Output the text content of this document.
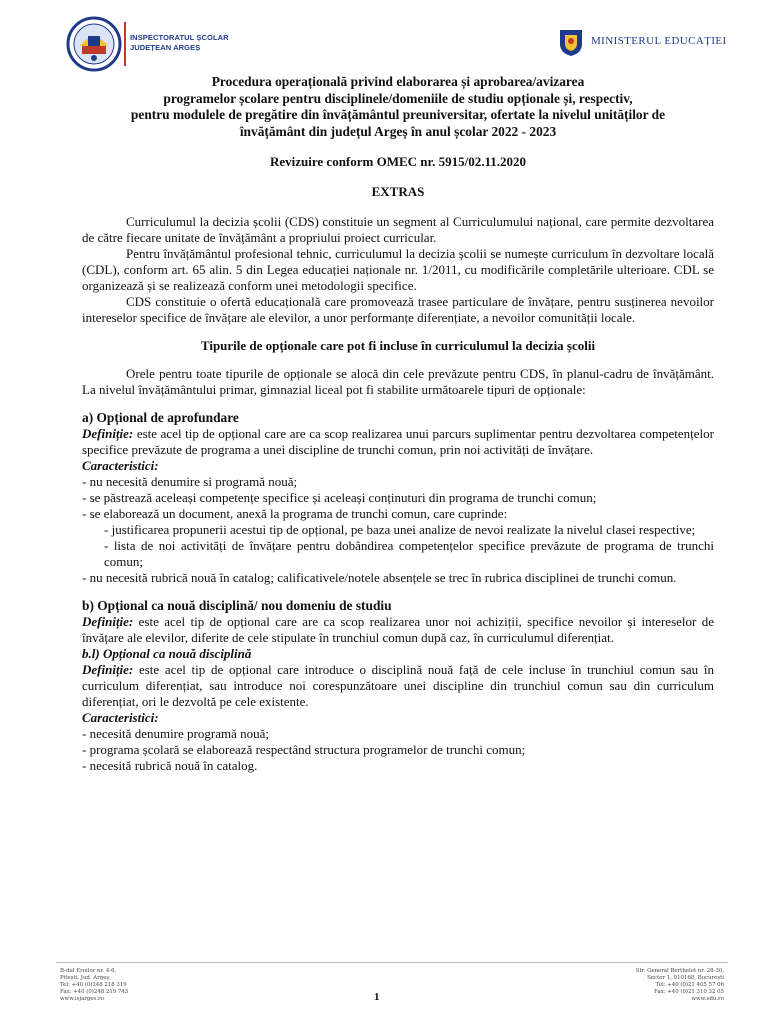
INSPECTORATUL ȘCOLAR
JUDEȚEAN ARGEȘ
MINISTERUL EDUCAȚIEI
Procedura operațională privind elaborarea și aprobarea/avizarea
programelor școlare pentru disciplinele/domeniile de studiu opționale și, respectiv,
pentru modulele de pregătire din învățământul preuniversitar, ofertate la nivelul unităților de
învățământ din județul Argeș în anul școlar 2022 - 2023
Revizuire conform OMEC nr. 5915/02.11.2020
EXTRAS

Curriculumul la decizia școlii (CDS) constituie un segment al Curriculumului național, care permite dezvoltarea de către fiecare unitate de învățământ a propriului proiect curricular.

Pentru învățământul profesional tehnic, curriculumul la decizia școlii se numește curriculum în dezvoltare locală (CDL), conform art. 65 alin. 5 din Legea educației naționale nr. 1/2011, cu modificările completările ulterioare. CDL se organizează și se realizează conform unei metodologii specifice.

CDS constituie o ofertă educațională care promovează trasee particulare de învățare, pentru susținerea nevoilor intereselor specifice de învățare ale elevilor, a unor performanțe diferențiate, a nevoilor comunității locale.

Tipurile de opționale care pot fi incluse în curriculumul la decizia școlii

Orele pentru toate tipurile de opționale se alocă din cele prevăzute pentru CDS, în planul-cadru de învățământ. La nivelul învățământului primar, gimnazial liceal pot fi stabilite următoarele tipuri de opționale:

a) Opțional de aprofundare

Definiție: este acel tip de opțional care are ca scop realizarea unui parcurs suplimentar pentru dezvoltarea competențelor specifice prevăzute de programa a unei discipline de trunchi comun, prin noi activități de învățare.

Caracteristici:

- nu necesită denumire si programă nouă;

- se păstrează aceleași competențe specifice și aceleași conținuturi din programa de trunchi comun;

- se elaborează un document, anexă la programa de trunchi comun, care cuprinde:

- justificarea propunerii acestui tip de opțional, pe baza unei analize de nevoi realizate la nivelul clasei respective;

- lista de noi activități de învățare pentru dobândirea competențelor specifice prevăzute de programa de trunchi comun;

- nu necesită rubrică nouă în catalog; calificativele/notele absențele se trec în rubrica disciplinei de trunchi comun.

b) Opțional ca nouă disciplină/ nou domeniu de studiu

Definiție: este acel tip de opțional care are ca scop realizarea unor noi achiziții, specifice nevoilor și intereselor de învățare ale elevilor, diferite de cele stipulate în trunchiul comun după caz, în curriculumul diferențiat.

b.l) Opțional ca nouă disciplină

Definiție: este acel tip de opțional care introduce o disciplină nouă față de cele incluse în trunchiul comun sau în curriculum diferențiat, sau introduce noi corespunzătoare unei discipline din trunchiul comun sau din curriculum diferențiat, ori le dezvoltă pe cele existente.

Caracteristici:

- necesită denumire programă nouă;

- programa școlară se elaborează respectând structura programelor de trunchi comun;

- necesită rubrică nouă în catalog.

B-dul Eroilor nr. 4-6,
Pitești, Jud. Argeș,
Tel: +40 (0)248 218 319
Fax: +40 (0)248 219 743
www.isjarges.ro	1
Str. General Berthelot nr. 28-30,
Sector 1, 010168, București
Tel: +40 (0)21 405 57 06
Fax: +40 (0)21 310 32 05
www.edu.ro
